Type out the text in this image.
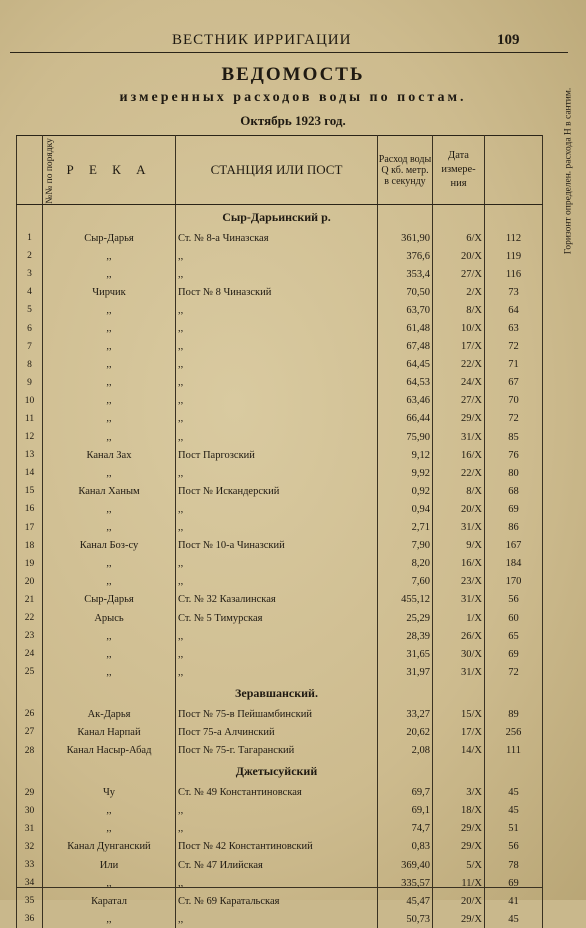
ВЕСТНИК ИРРИГАЦИИ	109
ВЕДОМОСТЬ
измеренных расходов воды по постам.
Октябрь 1923 год.
№№ по порядку	Р Е К А	СТАНЦИЯ ИЛИ ПОСТ	Расход воды Q кб. метр. в секунду	Дата измере- ния	Горизонт определен. расхода Н в сантим.
		Сыр-Дарьинский р.			
1	Сыр-Дарья	Ст. № 8-а Чиназская	361,90	6/X	112
2	,,	,,	376,6	20/X	119
3	,,	,,	353,4	27/X	116
4	Чирчик	Пост № 8 Чиназский	70,50	2/X	73
5	,,	,,	63,70	8/X	64
6	,,	,,	61,48	10/X	63
7	,,	,,	67,48	17/X	72
8	,,	,,	64,45	22/X	71
9	,,	,,	64,53	24/X	67
10	,,	,,	63,46	27/X	70
11	,,	,,	66,44	29/X	72
12	,,	,,	75,90	31/X	85
13	Канал Зах	Пост Паргозский	9,12	16/X	76
14	,,	,,	9,92	22/X	80
15	Канал Ханым	Пост № Искандерский	0,92	8/X	68
16	,,	,,	0,94	20/X	69
17	,,	,,	2,71	31/X	86
18	Канал Боз-су	Пост № 10-а Чиназский	7,90	9/X	167
19	,,	,,	8,20	16/X	184
20	,,	,,	7,60	23/X	170
21	Сыр-Дарья	Ст. № 32 Казалинская	455,12	31/X	56
22	Арысь	Ст. № 5 Тимурская	25,29	1/X	60
23	,,	,,	28,39	26/X	65
24	,,	,,	31,65	30/X	69
25	,,	,,	31,97	31/X	72
		Зеравшанский.			
26	Ак-Дарья	Пост № 75-в Пейшамбинский	33,27	15/X	89
27	Канал Нарпай	Пост 75-а Алчинский	20,62	17/X	256
28	Канал Насыр-Абад	Пост № 75-г. Тагаранский	2,08	14/X	111
		Джетысуйский			
29	Чу	Ст. № 49 Константиновская	69,7	3/X	45
30	,,	,,	69,1	18/X	45
31	,,	,,	74,7	29/X	51
32	Канал Дунганский	Пост № 42 Константиновский	0,83	29/X	56
33	Или	Ст. № 47 Илийская	369,40	5/X	78
34	,,	,,	335,57	11/X	69
35	Каратал	Ст. № 69 Каратальская	45,47	20/X	41
36	,,	,,	50,73	29/X	45
